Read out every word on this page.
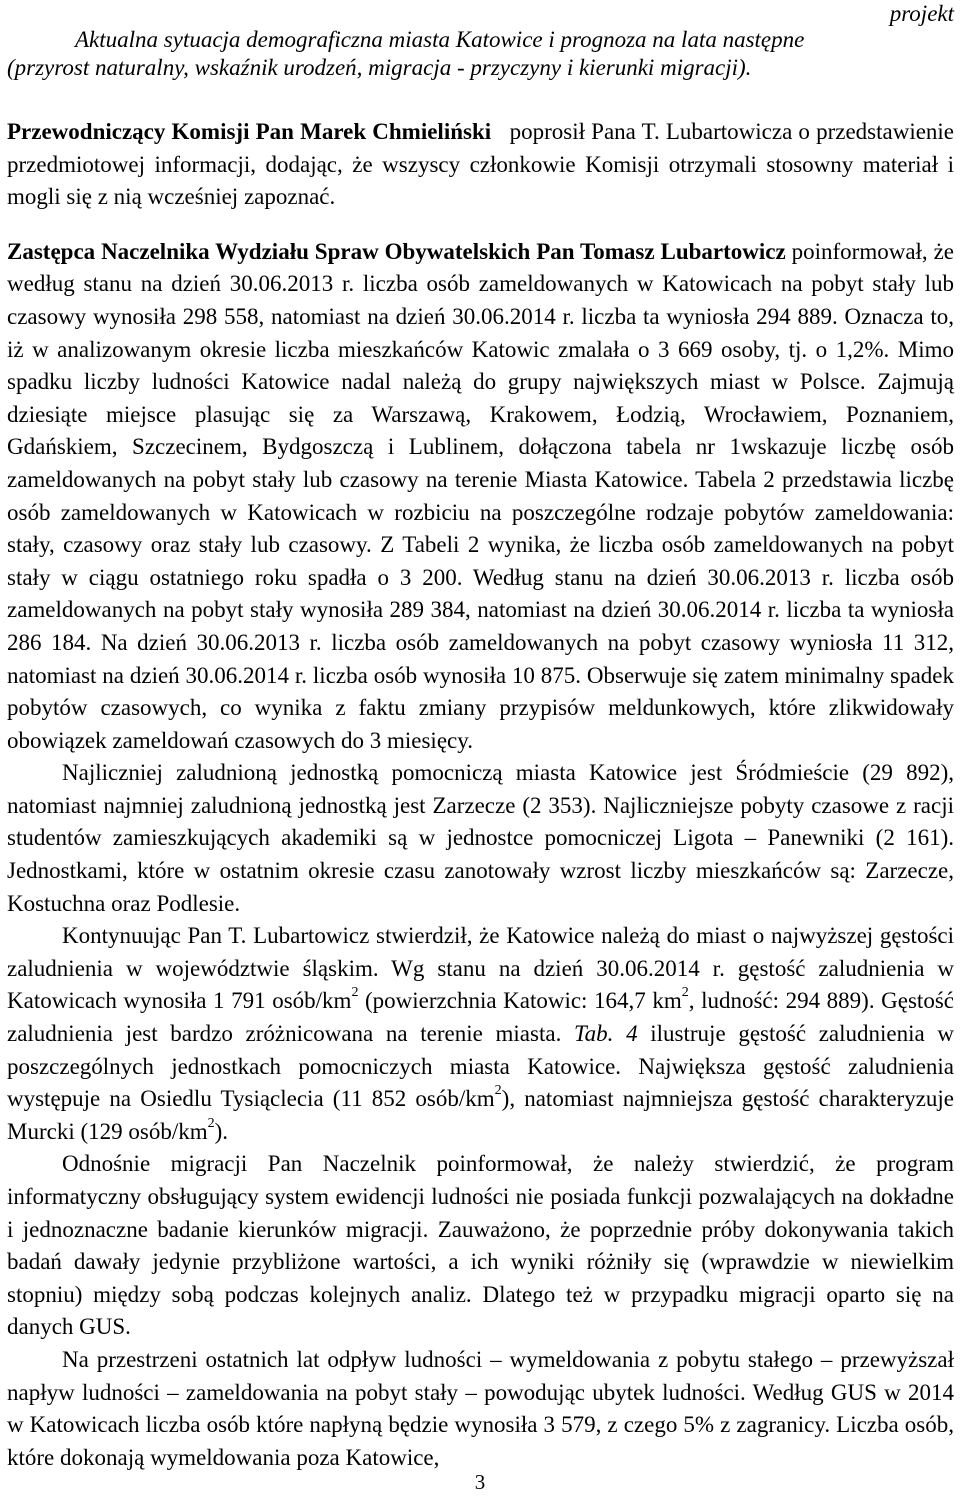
projekt

Aktualna sytuacja demograficzna miasta Katowice i prognoza na lata następne
(przyrost naturalny, wskaźnik urodzeń, migracja - przyczyny i kierunki migracji).

Przewodniczący Komisji Pan Marek Chmieliński poprosił Pana T. Lubartowicza o przedstawienie przedmiotowej informacji, dodając, że wszyscy członkowie Komisji otrzymali stosowny materiał i mogli się z nią wcześniej zapoznać.

Zastępca Naczelnika Wydziału Spraw Obywatelskich Pan Tomasz Lubartowicz poinformował, że według stanu na dzień 30.06.2013 r. liczba osób zameldowanych w Katowicach na pobyt stały lub czasowy wynosiła 298 558, natomiast na dzień 30.06.2014 r. liczba ta wyniosła 294 889. Oznacza to, iż w analizowanym okresie liczba mieszkańców Katowic zmalała o 3 669 osoby, tj. o 1,2%. Mimo spadku liczby ludności Katowice nadal należą do grupy największych miast w Polsce. Zajmują dziesiąte miejsce plasując się za Warszawą, Krakowem, Łodzią, Wrocławiem, Poznaniem, Gdańskiem, Szczecinem, Bydgoszczą i Lublinem, dołączona tabela nr 1wskazuje liczbę osób zameldowanych na pobyt stały lub czasowy na terenie Miasta Katowice. Tabela 2 przedstawia liczbę osób zameldowanych w Katowicach w rozbiciu na poszczególne rodzaje pobytów zameldowania: stały, czasowy oraz stały lub czasowy. Z Tabeli 2 wynika, że liczba osób zameldowanych na pobyt stały w ciągu ostatniego roku spadła o 3 200. Według stanu na dzień 30.06.2013 r. liczba osób zameldowanych na pobyt stały wynosiła 289 384, natomiast na dzień 30.06.2014 r. liczba ta wyniosła 286 184. Na dzień 30.06.2013 r. liczba osób zameldowanych na pobyt czasowy wyniosła 11 312, natomiast na dzień 30.06.2014 r. liczba osób wynosiła 10 875. Obserwuje się zatem minimalny spadek pobytów czasowych, co wynika z faktu zmiany przypisów meldunkowych, które zlikwidowały obowiązek zameldowań czasowych do 3 miesięcy.

Najliczniej zaludnioną jednostką pomocniczą miasta Katowice jest Śródmieście (29 892), natomiast najmniej zaludnioną jednostką jest Zarzecze (2 353). Najliczniejsze pobyty czasowe z racji studentów zamieszkujących akademiki są w jednostce pomocniczej Ligota – Panewniki (2 161). Jednostkami, które w ostatnim okresie czasu zanotowały wzrost liczby mieszkańców są: Zarzecze, Kostuchna oraz Podlesie.

Kontynuując Pan T. Lubartowicz stwierdził, że Katowice należą do miast o najwyższej gęstości zaludnienia w województwie śląskim. Wg stanu na dzień 30.06.2014 r. gęstość zaludnienia w Katowicach wynosiła 1 791 osób/$km^2$ (powierzchnia Katowic: 164,7 $km^2$, ludność: 294 889). Gęstość zaludnienia jest bardzo zróżnicowana na terenie miasta. Tab. 4 ilustruje gęstość zaludnienia w poszczególnych jednostkach pomocniczych miasta Katowice. Największa gęstość zaludnienia występuje na Osiedlu Tysiąclecia (11 852 osób/$km^2$), natomiast najmniejsza gęstość charakteryzuje Murcki (129 osób/$km^2$).

Odnośnie migracji Pan Naczelnik poinformował, że należy stwierdzić, że program informatyczny obsługujący system ewidencji ludności nie posiada funkcji pozwalających na dokładne i jednoznaczne badanie kierunków migracji. Zauważono, że poprzednie próby dokonywania takich badań dawały jedynie przybliżone wartości, a ich wyniki różniły się (wprawdzie w niewielkim stopniu) między sobą podczas kolejnych analiz. Dlatego też w przypadku migracji oparto się na danych GUS.

Na przestrzeni ostatnich lat odpływ ludności – wymeldowania z pobytu stałego – przewyższał napływ ludności – zameldowania na pobyt stały – powodując ubytek ludności. Według GUS w 2014 w Katowicach liczba osób które napłyną będzie wynosiła 3 579, z czego 5% z zagranicy. Liczba osób, które dokonają wymeldowania poza Katowice,

3
